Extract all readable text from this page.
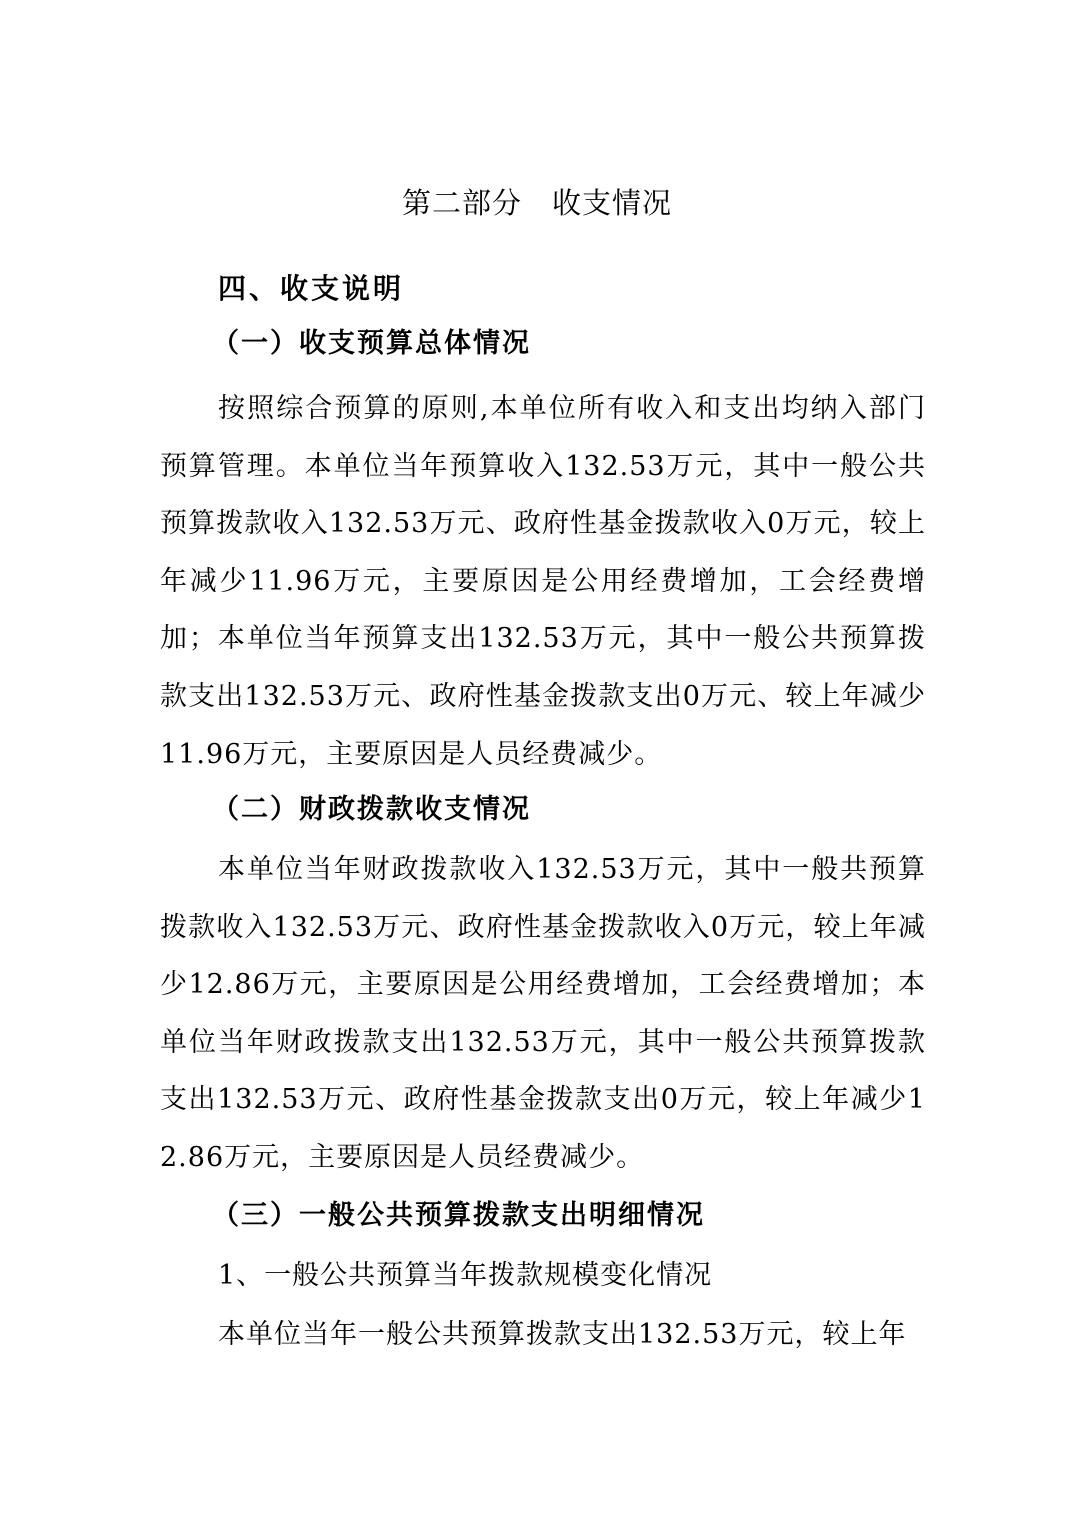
第二部分　收支情况
四、收支说明
（一）收支预算总体情况
按照综合预算的原则,本单位所有收入和支出均纳入部门预算管理。本单位当年预算收入132.53万元，其中一般公共预算拨款收入132.53万元、政府性基金拨款收入0万元，较上年减少11.96万元，主要原因是公用经费增加，工会经费增加；本单位当年预算支出132.53万元，其中一般公共预算拨款支出132.53万元、政府性基金拨款支出0万元、较上年减少11.96万元，主要原因是人员经费减少。
（二）财政拨款收支情况
本单位当年财政拨款收入132.53万元，其中一般共预算拨款收入132.53万元、政府性基金拨款收入0万元，较上年减少12.86万元，主要原因是公用经费增加，工会经费增加；本单位当年财政拨款支出132.53万元，其中一般公共预算拨款支出132.53万元、政府性基金拨款支出0万元，较上年减少12.86万元，主要原因是人员经费减少。
（三）一般公共预算拨款支出明细情况
1、一般公共预算当年拨款规模变化情况
本单位当年一般公共预算拨款支出132.53万元，较上年
